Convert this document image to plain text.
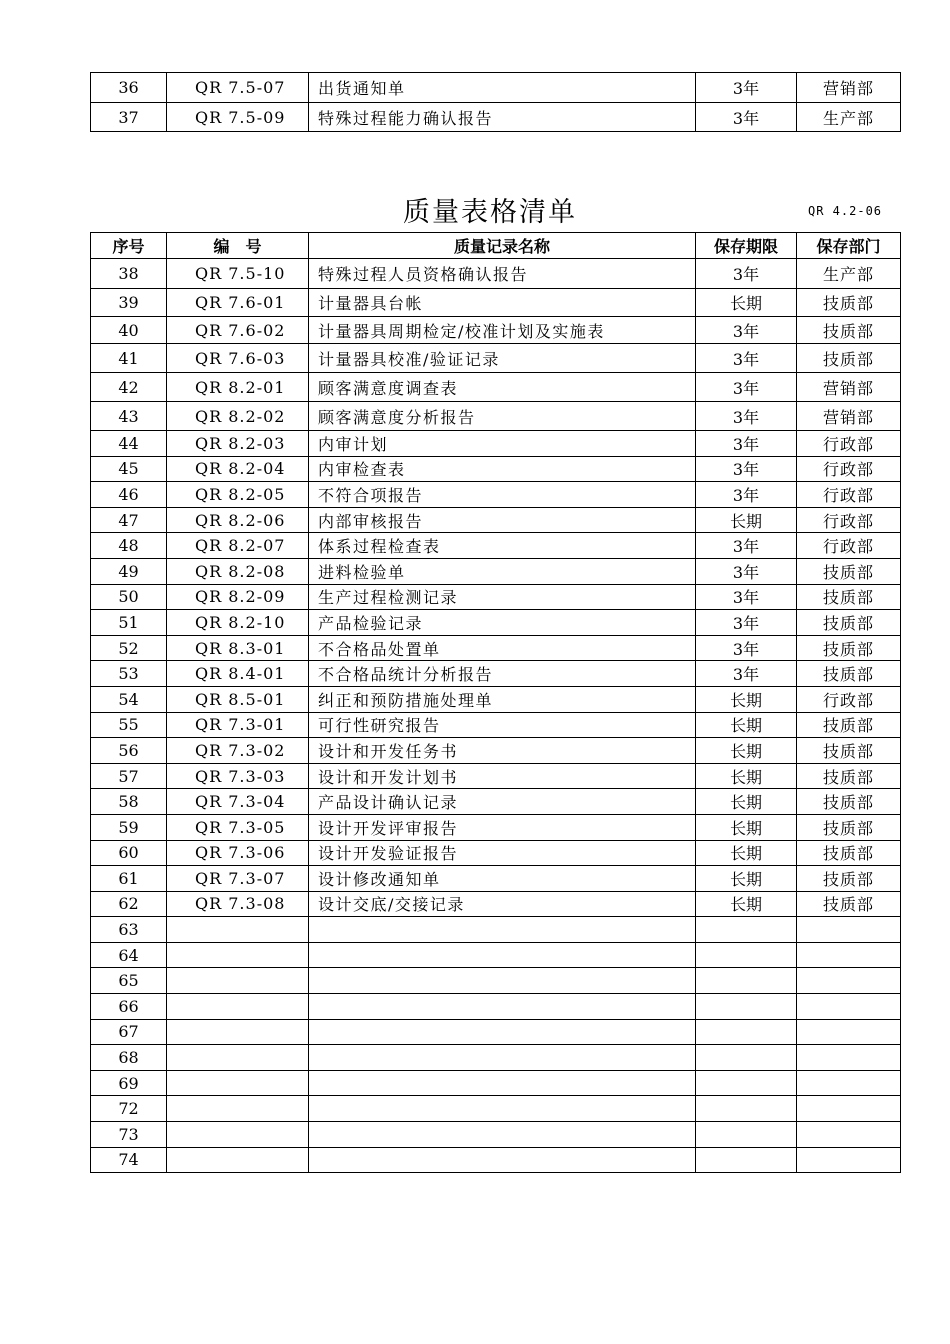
36	QR 7.5-07	出货通知单	3年	营销部
37	QR 7.5-09	特殊过程能力确认报告	3年	生产部
质量表格清单	QR 4.2-06
序号	编　号	质量记录名称	保存期限	保存部门
38	QR 7.5-10	特殊过程人员资格确认报告	3年	生产部
39	QR 7.6-01	计量器具台帐	长期	技质部
40	QR 7.6-02	计量器具周期检定/校准计划及实施表	3年	技质部
41	QR 7.6-03	计量器具校准/验证记录	3年	技质部
42	QR 8.2-01	顾客满意度调查表	3年	营销部
43	QR 8.2-02	顾客满意度分析报告	3年	营销部
44	QR 8.2-03	内审计划	3年	行政部
45	QR 8.2-04	内审检查表	3年	行政部
46	QR 8.2-05	不符合项报告	3年	行政部
47	QR 8.2-06	内部审核报告	长期	行政部
48	QR 8.2-07	体系过程检查表	3年	行政部
49	QR 8.2-08	进料检验单	3年	技质部
50	QR 8.2-09	生产过程检测记录	3年	技质部
51	QR 8.2-10	产品检验记录	3年	技质部
52	QR 8.3-01	不合格品处置单	3年	技质部
53	QR 8.4-01	不合格品统计分析报告	3年	技质部
54	QR 8.5-01	纠正和预防措施处理单	长期	行政部
55	QR 7.3-01	可行性研究报告	长期	技质部
56	QR 7.3-02	设计和开发任务书	长期	技质部
57	QR 7.3-03	设计和开发计划书	长期	技质部
58	QR 7.3-04	产品设计确认记录	长期	技质部
59	QR 7.3-05	设计开发评审报告	长期	技质部
60	QR 7.3-06	设计开发验证报告	长期	技质部
61	QR 7.3-07	设计修改通知单	长期	技质部
62	QR 7.3-08	设计交底/交接记录	长期	技质部
63				
64				
65				
66				
67				
68				
69				
72				
73				
74				
